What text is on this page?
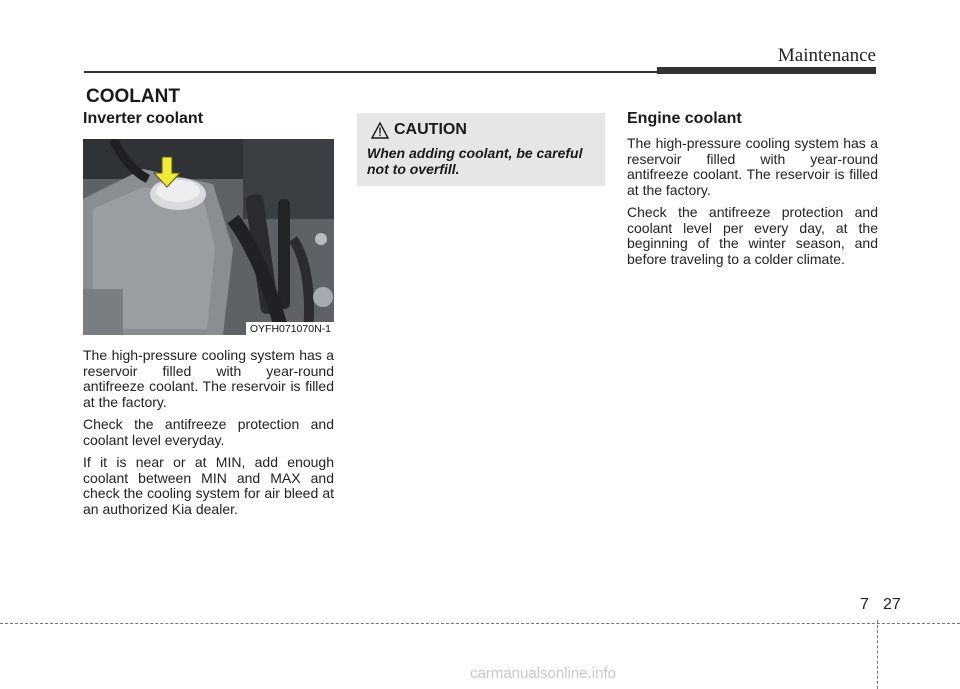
Maintenance
COOLANT
Inverter coolant
OYFH071070N-1

The high-pressure cooling system has a reservoir filled with year-round antifreeze coolant. The reservoir is filled at the factory.

Check the antifreeze protection and coolant level everyday.

If it is near or at MIN, add enough coolant between MIN and MAX and check the cooling system for air bleed at an authorized Kia dealer.

CAUTION
When adding coolant, be careful not to overfill.
Engine coolant

The high-pressure cooling system has a reservoir filled with year-round antifreeze coolant. The reservoir is filled at the factory.

Check the antifreeze protection and coolant level per every day, at the beginning of the winter season, and before traveling to a colder climate.

7 27
carmanualsonline.info
